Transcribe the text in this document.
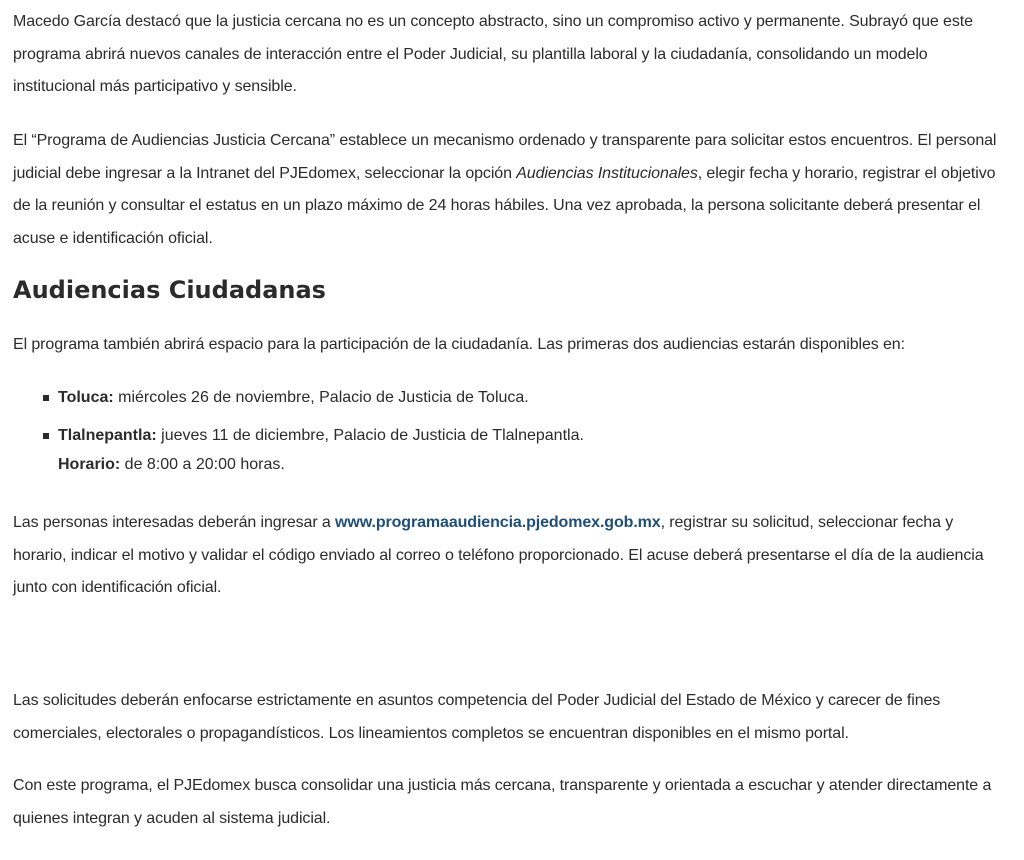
Macedo García destacó que la justicia cercana no es un concepto abstracto, sino un compromiso activo y permanente. Subrayó que este programa abrirá nuevos canales de interacción entre el Poder Judicial, su plantilla laboral y la ciudadanía, consolidando un modelo institucional más participativo y sensible.

El “Programa de Audiencias Justicia Cercana” establece un mecanismo ordenado y transparente para solicitar estos encuentros. El personal judicial debe ingresar a la Intranet del PJEdomex, seleccionar la opción Audiencias Institucionales, elegir fecha y horario, registrar el objetivo de la reunión y consultar el estatus en un plazo máximo de 24 horas hábiles. Una vez aprobada, la persona solicitante deberá presentar el acuse e identificación oficial.

Audiencias Ciudadanas

El programa también abrirá espacio para la participación de la ciudadanía. Las primeras dos audiencias estarán disponibles en:

Toluca: miércoles 26 de noviembre, Palacio de Justicia de Toluca.
Tlalnepantla: jueves 11 de diciembre, Palacio de Justicia de Tlalnepantla.
Horario: de 8:00 a 20:00 horas.

Las personas interesadas deberán ingresar a www.programaaudiencia.pjedomex.gob.mx, registrar su solicitud, seleccionar fecha y horario, indicar el motivo y validar el código enviado al correo o teléfono proporcionado. El acuse deberá presentarse el día de la audiencia junto con identificación oficial.

Las solicitudes deberán enfocarse estrictamente en asuntos competencia del Poder Judicial del Estado de México y carecer de fines comerciales, electorales o propagandísticos. Los lineamientos completos se encuentran disponibles en el mismo portal.

Con este programa, el PJEdomex busca consolidar una justicia más cercana, transparente y orientada a escuchar y atender directamente a quienes integran y acuden al sistema judicial.
